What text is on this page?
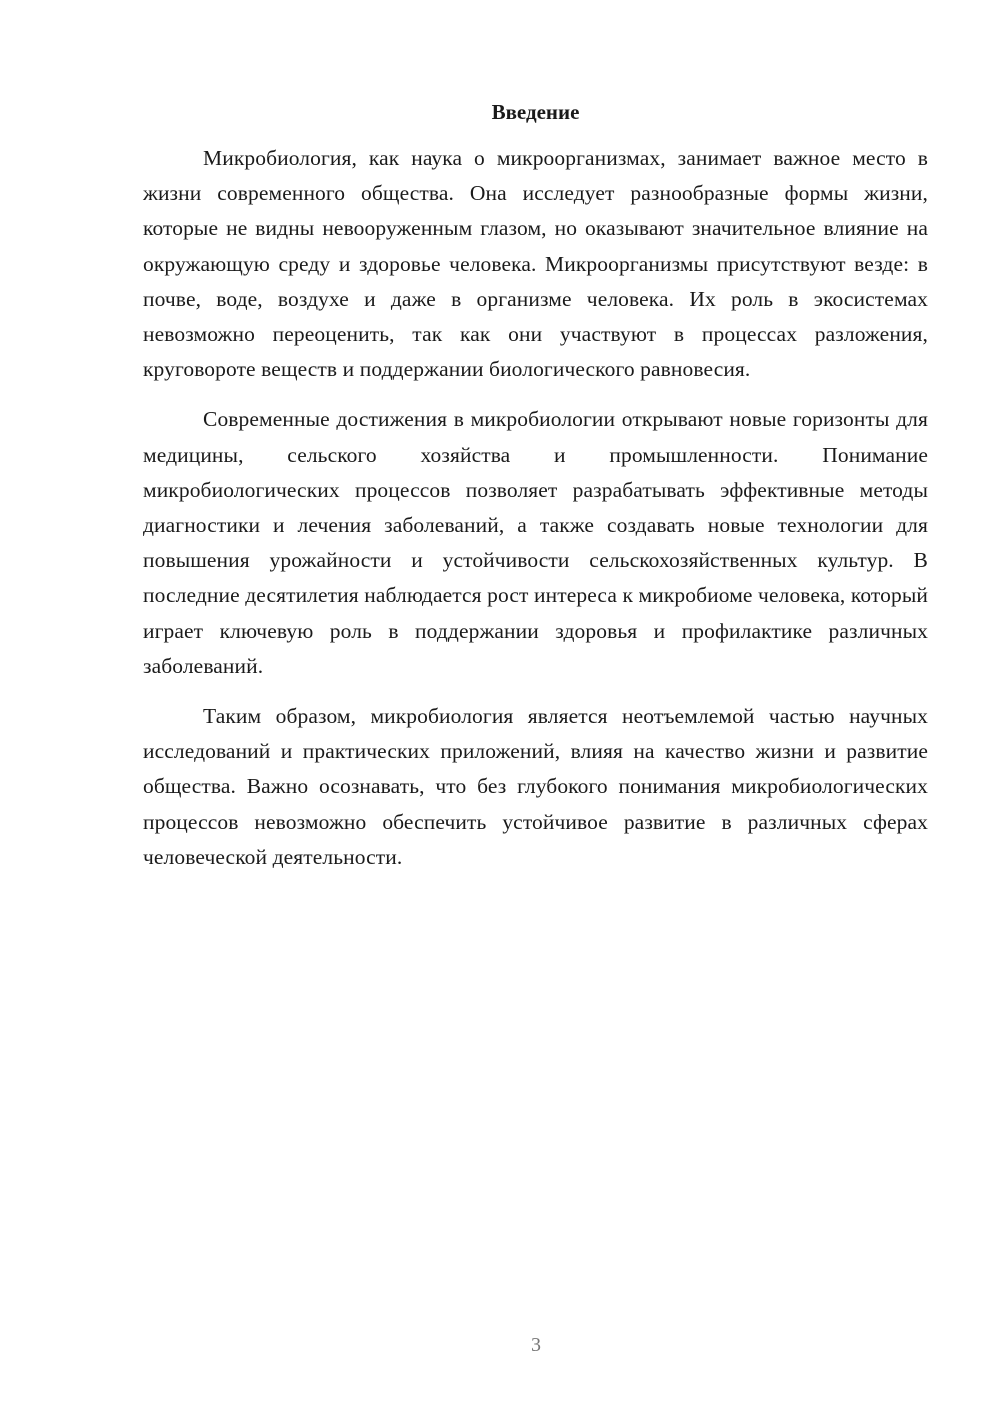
Введение

Микробиология, как наука о микроорганизмах, занимает важное место в жизни современного общества. Она исследует разнообразные формы жизни, которые не видны невооруженным глазом, но оказывают значительное влияние на окружающую среду и здоровье человека. Микроорганизмы присутствуют везде: в почве, воде, воздухе и даже в организме человека. Их роль в экосистемах невозможно переоценить, так как они участвуют в процессах разложения, круговороте веществ и поддержании биологического равновесия.

Современные достижения в микробиологии открывают новые горизонты для медицины, сельского хозяйства и промышленности. Понимание микробиологических процессов позволяет разрабатывать эффективные методы диагностики и лечения заболеваний, а также создавать новые технологии для повышения урожайности и устойчивости сельскохозяйственных культур. В последние десятилетия наблюдается рост интереса к микробиоме человека, который играет ключевую роль в поддержании здоровья и профилактике различных заболеваний.

Таким образом, микробиология является неотъемлемой частью научных исследований и практических приложений, влияя на качество жизни и развитие общества. Важно осознавать, что без глубокого понимания микробиологических процессов невозможно обеспечить устойчивое развитие в различных сферах человеческой деятельности.

3
